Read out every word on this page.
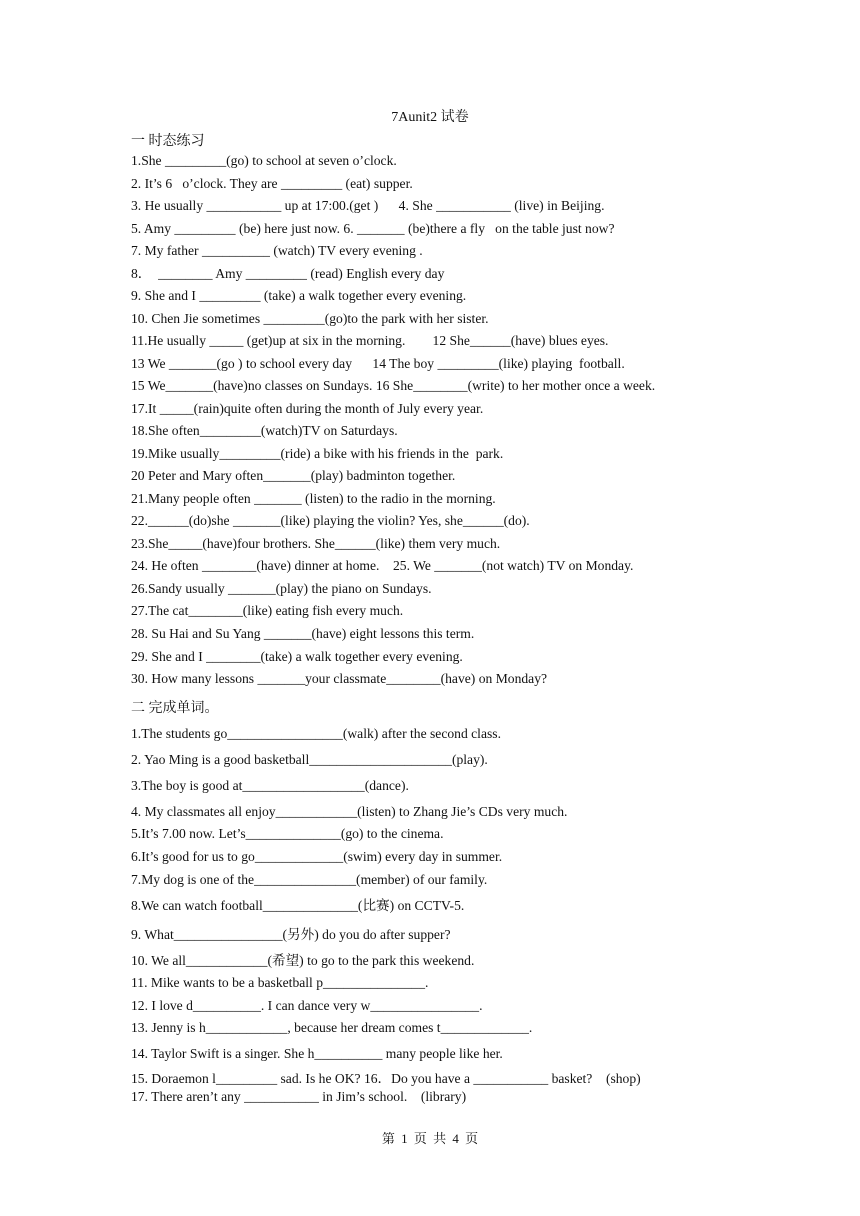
7Aunit2 试卷
一 时态练习
1.She _________(go) to school at seven o’clock.
2. It’s 6   o’clock. They are _________ (eat) supper.
3. He usually ___________ up at 17:00.(get )      4. She ___________ (live) in Beijing.
5. Amy _________ (be) here just now. 6. _______ (be)there a fly   on the table just now?
7. My father __________ (watch) TV every evening .
8．  ________ Amy _________ (read) English every day
9. She and I _________ (take) a walk together every evening.
10. Chen Jie sometimes _________(go)to the park with her sister.
11.He usually _____ (get)up at six in the morning.        12 She______(have) blues eyes.
13 We _______(go ) to school every day      14 The boy _________(like) playing  football.
15 We_______(have)no classes on Sundays. 16 She________(write) to her mother once a week.
17.It _____(rain)quite often during the month of July every year.
18.She often_________(watch)TV on Saturdays.
19.Mike usually_________(ride) a bike with his friends in the  park.
20 Peter and Mary often_______(play) badminton together.
21.Many people often _______ (listen) to the radio in the morning.
22.______(do)she _______(like) playing the violin? Yes, she______(do).
23.She_____(have)four brothers. She______(like) them very much.
24. He often ________(have) dinner at home.    25. We _______(not watch) TV on Monday.
26.Sandy usually _______(play) the piano on Sundays.
27.The cat________(like) eating fish every much.
28. Su Hai and Su Yang _______(have) eight lessons this term.
29. She and I ________(take) a walk together every evening.
30. How many lessons _______your classmate________(have) on Monday?
二 完成单词。
1.The students go_________________(walk) after the second class.
2. Yao Ming is a good basketball_____________________(play).
3.The boy is good at__________________(dance).
4. My classmates all enjoy____________(listen) to Zhang Jie’s CDs very much.
5.It’s 7.00 now. Let’s______________(go) to the cinema.
6.It’s good for us to go_____________(swim) every day in summer.
7.My dog is one of the_______________(member) of our family.
8.We can watch football______________(比赛) on CCTV-5.
9. What________________(另外) do you do after supper?
10. We all____________(希望) to go to the park this weekend.
11. Mike wants to be a basketball p_______________.
12. I love d__________. I can dance very w________________.
13. Jenny is h____________, because her dream comes t_____________.
14. Taylor Swift is a singer. She h__________ many people like her.
15. Doraemon l_________ sad. Is he OK? 16．Do you have a ___________ basket?    (shop)
17. There aren’t any ___________ in Jim’s school.    (library)
第 1 页 共 4 页
